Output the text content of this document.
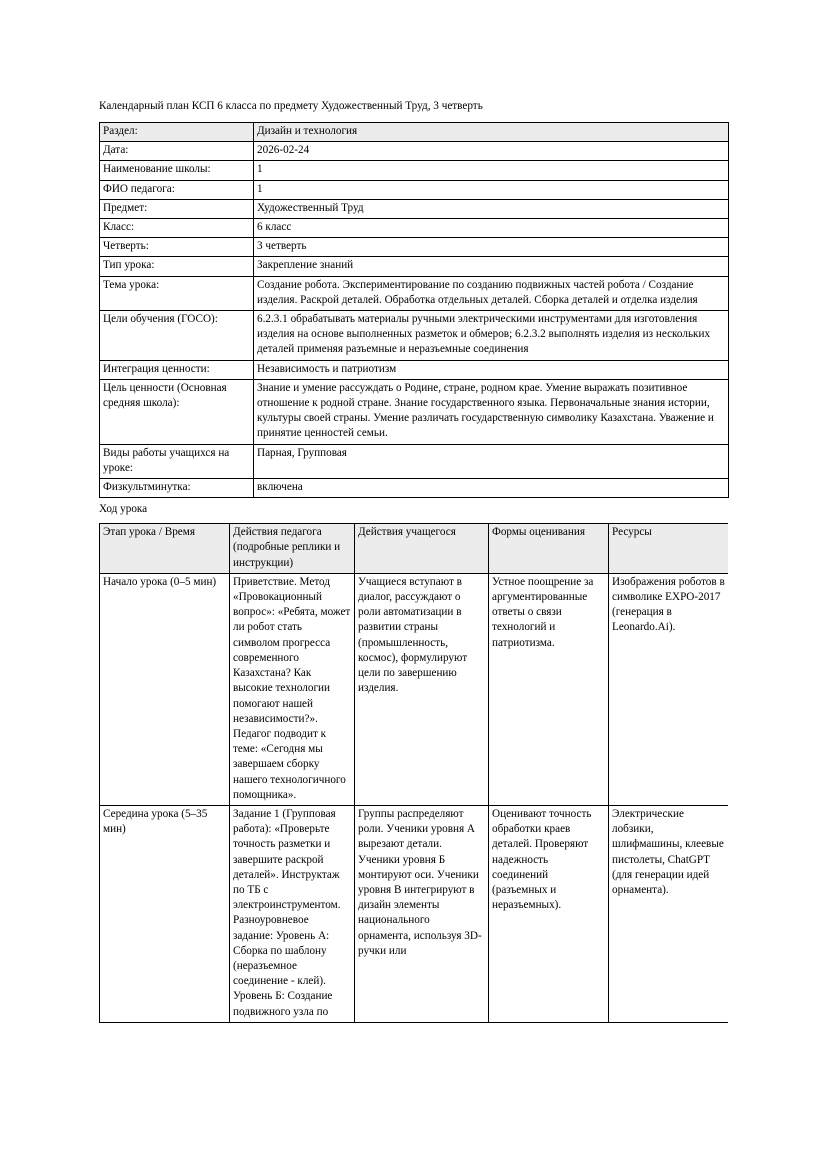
Календарный план КСП 6 класса по предмету Художественный Труд, 3 четверть

Раздел:	Дизайн и технология
Дата:	2026-02-24
Наименование школы:	1
ФИО педагога:	1
Предмет:	Художественный Труд
Класс:	6 класс
Четверть:	3 четверть
Тип урока:	Закрепление знаний
Тема урока:	Создание робота. Экспериментирование по созданию подвижных частей робота / Создание изделия. Раскрой деталей. Обработка отдельных деталей. Сборка деталей и отделка изделия
Цели обучения (ГОСО):	6.2.3.1 обрабатывать материалы ручными электрическими инструментами для изготовления изделия на основе выполненных разметок и обмеров; 6.2.3.2 выполнять изделия из нескольких деталей применяя разъемные и неразъемные соединения
Интеграция ценности:	Независимость и патриотизм
Цель ценности (Основная средняя школа):	Знание и умение рассуждать о Родине, стране, родном крае. Умение выражать позитивное отношение к родной стране. Знание государственного языка. Первоначальные знания истории, культуры своей страны. Умение различать государственную символику Казахстана. Уважение и принятие ценностей семьи.
Виды работы учащихся на уроке:	Парная, Групповая
Физкультминутка:	включена

Ход урока

Этап урока / Время	Действия педагога (подробные реплики и инструкции)	Действия учащегося	Формы оценивания	Ресурсы
Начало урока (0–5 мин)	Приветствие. Метод «Провокационный вопрос»: «Ребята, может ли робот стать символом прогресса современного Казахстана? Как высокие технологии помогают нашей независимости?». Педагог подводит к теме: «Сегодня мы завершаем сборку нашего технологичного помощника».	Учащиеся вступают в диалог, рассуждают о роли автоматизации в развитии страны (промышленность, космос), формулируют цели по завершению изделия.	Устное поощрение за аргументированные ответы о связи технологий и патриотизма.	Изображения роботов в символике EXPO-2017 (генерация в Leonardo.Ai).
Середина урока (5–35 мин)	Задание 1 (Групповая работа): «Проверьте точность разметки и завершите раскрой деталей». Инструктаж по ТБ с электроинструментом. Разноуровневое задание: Уровень А: Сборка по шаблону (неразъемное соединение - клей). Уровень Б: Создание подвижного узла по	Группы распределяют роли. Ученики уровня А вырезают детали. Ученики уровня Б монтируют оси. Ученики уровня В интегрируют в дизайн элементы национального орнамента, используя 3D-ручки или	Оценивают точность обработки краев деталей. Проверяют надежность соединений (разъемных и неразъемных).	Электрические лобзики, шлифмашины, клеевые пистолеты, ChatGPT (для генерации идей орнамента).
